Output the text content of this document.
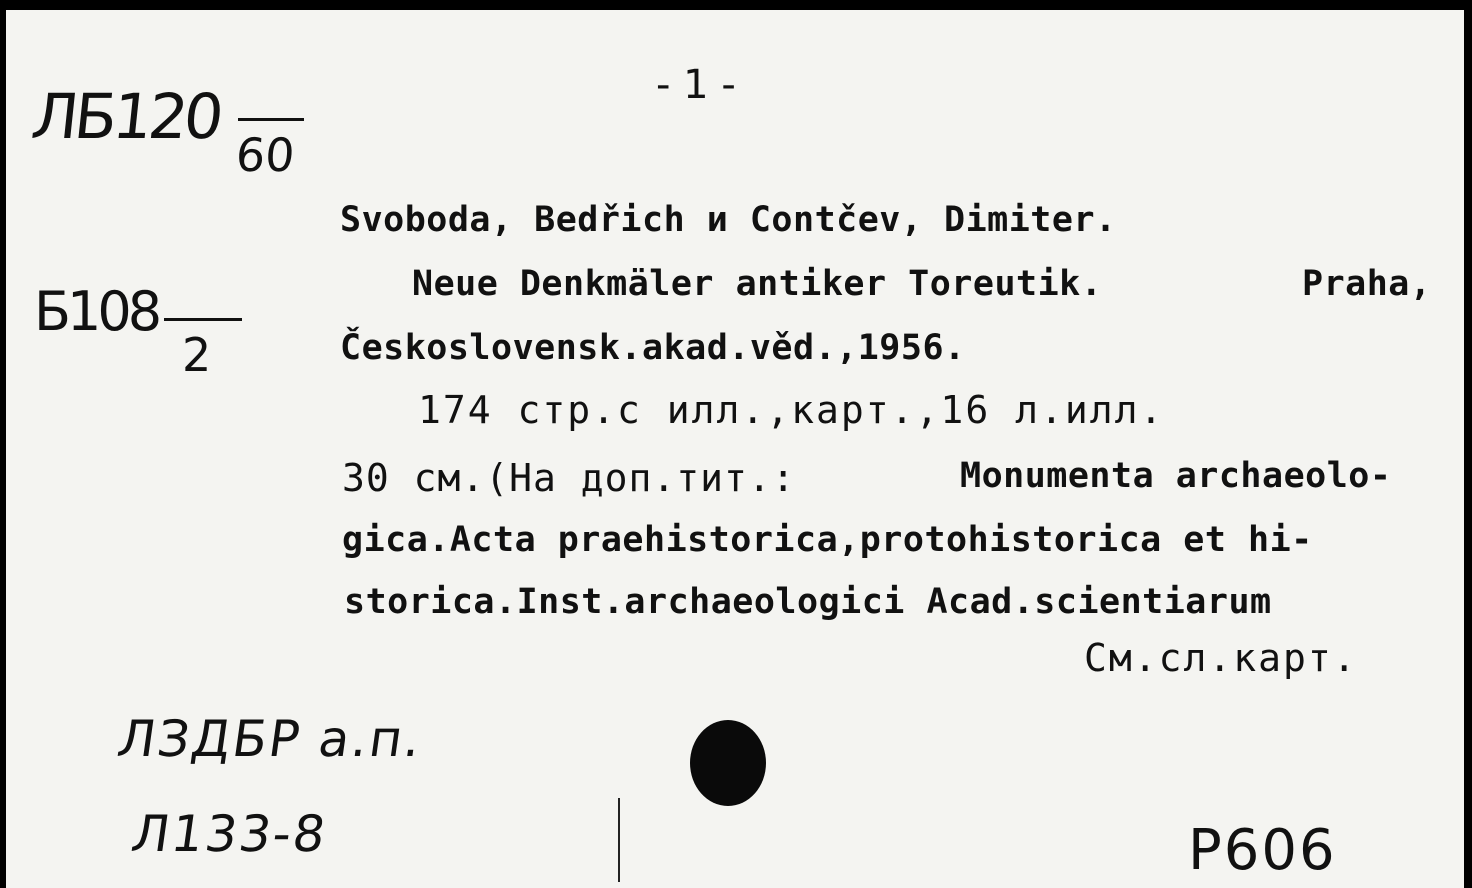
- 1 -
ЛБ120
60
Б108
2
Svoboda, Bedřich и Contčev, Dimiter.
Neue Denkmäler antiker Toreutik.	Praha,
Československ.akad.věd.,1956.
174 стр.с илл.,карт.,16 л.илл.
30 см.(На доп.тит.:	Monumenta archaeolo-
gica.Acta praehistorica,protohistorica et hi-
storica.Inst.archaeologici Acad.scientiarum
См.сл.карт.
ЛЗДБР а.п.
Л133-8	Р606
